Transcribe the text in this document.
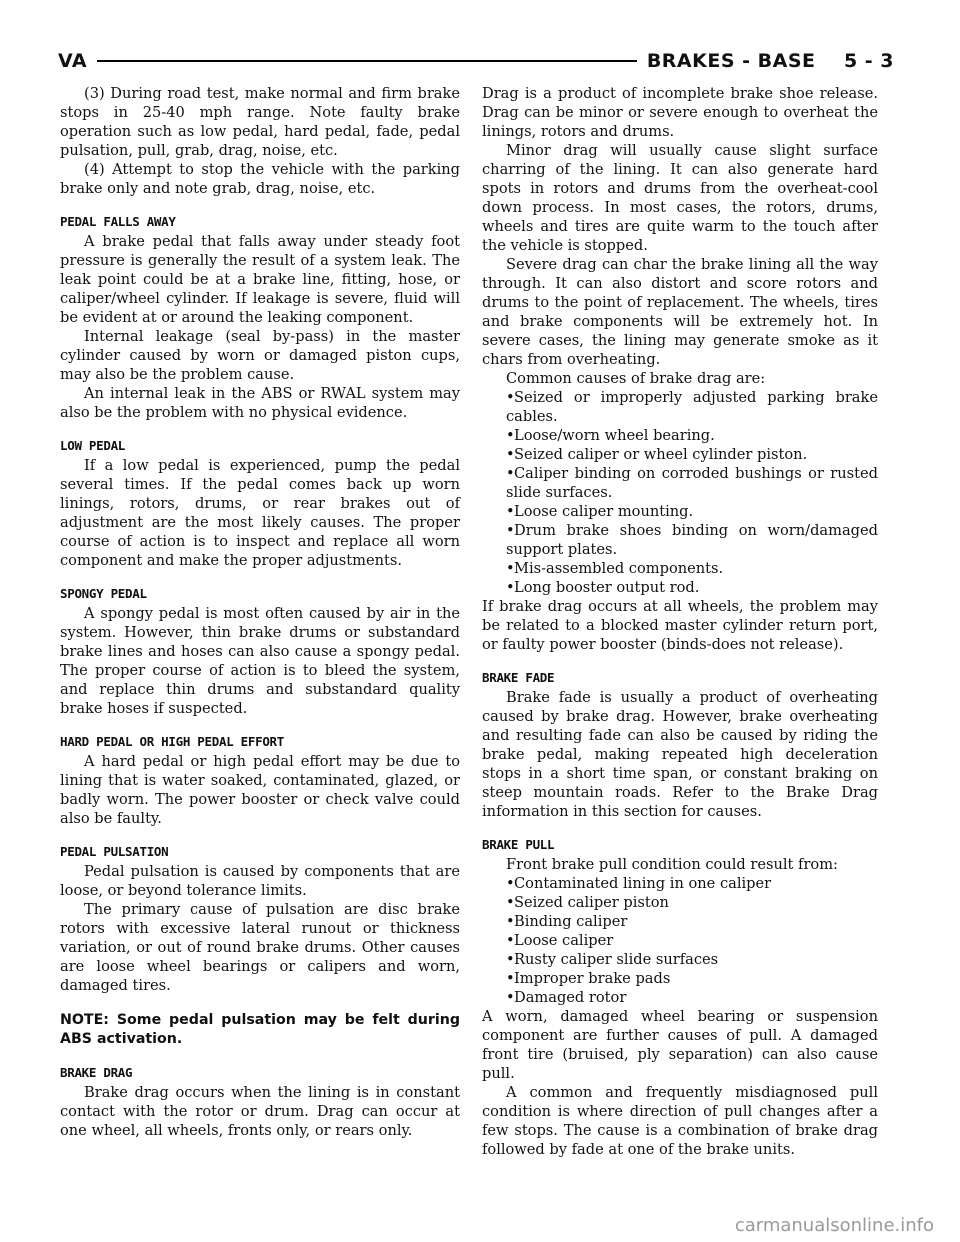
VA	BRAKES - BASE    5 - 3

(3) During road test, make normal and firm brake stops in 25-40 mph range. Note faulty brake operation such as low pedal, hard pedal, fade, pedal pulsation, pull, grab, drag, noise, etc.

(4) Attempt to stop the vehicle with the parking brake only and note grab, drag, noise, etc.

PEDAL FALLS AWAY

A brake pedal that falls away under steady foot pressure is generally the result of a system leak. The leak point could be at a brake line, fitting, hose, or caliper/wheel cylinder. If leakage is severe, fluid will be evident at or around the leaking component.

Internal leakage (seal by-pass) in the master cylinder caused by worn or damaged piston cups, may also be the problem cause.

An internal leak in the ABS or RWAL system may also be the problem with no physical evidence.

LOW PEDAL

If a low pedal is experienced, pump the pedal several times. If the pedal comes back up worn linings, rotors, drums, or rear brakes out of adjustment are the most likely causes. The proper course of action is to inspect and replace all worn component and make the proper adjustments.

SPONGY PEDAL

A spongy pedal is most often caused by air in the system. However, thin brake drums or substandard brake lines and hoses can also cause a spongy pedal. The proper course of action is to bleed the system, and replace thin drums and substandard quality brake hoses if suspected.

HARD PEDAL OR HIGH PEDAL EFFORT

A hard pedal or high pedal effort may be due to lining that is water soaked, contaminated, glazed, or badly worn. The power booster or check valve could also be faulty.

PEDAL PULSATION

Pedal pulsation is caused by components that are loose, or beyond tolerance limits.

The primary cause of pulsation are disc brake rotors with excessive lateral runout or thickness variation, or out of round brake drums. Other causes are loose wheel bearings or calipers and worn, damaged tires.

NOTE: Some pedal pulsation may be felt during ABS activation.

BRAKE DRAG

Brake drag occurs when the lining is in constant contact with the rotor or drum. Drag can occur at one wheel, all wheels, fronts only, or rears only.

Drag is a product of incomplete brake shoe release. Drag can be minor or severe enough to overheat the linings, rotors and drums.

Minor drag will usually cause slight surface charring of the lining. It can also generate hard spots in rotors and drums from the overheat-cool down process. In most cases, the rotors, drums, wheels and tires are quite warm to the touch after the vehicle is stopped.

Severe drag can char the brake lining all the way through. It can also distort and score rotors and drums to the point of replacement. The wheels, tires and brake components will be extremely hot. In severe cases, the lining may generate smoke as it chars from overheating.

Common causes of brake drag are:

•Seized or improperly adjusted parking brake cables.

•Loose/worn wheel bearing.

•Seized caliper or wheel cylinder piston.

•Caliper binding on corroded bushings or rusted slide surfaces.

•Loose caliper mounting.

•Drum brake shoes binding on worn/damaged support plates.

•Mis-assembled components.

•Long booster output rod.

If brake drag occurs at all wheels, the problem may be related to a blocked master cylinder return port, or faulty power booster (binds-does not release).

BRAKE FADE

Brake fade is usually a product of overheating caused by brake drag. However, brake overheating and resulting fade can also be caused by riding the brake pedal, making repeated high deceleration stops in a short time span, or constant braking on steep mountain roads. Refer to the Brake Drag information in this section for causes.

BRAKE PULL

Front brake pull condition could result from:

•Contaminated lining in one caliper

•Seized caliper piston

•Binding caliper

•Loose caliper

•Rusty caliper slide surfaces

•Improper brake pads

•Damaged rotor

A worn, damaged wheel bearing or suspension component are further causes of pull. A damaged front tire (bruised, ply separation) can also cause pull.

A common and frequently misdiagnosed pull condition is where direction of pull changes after a few stops. The cause is a combination of brake drag followed by fade at one of the brake units.

carmanualsonline.info
